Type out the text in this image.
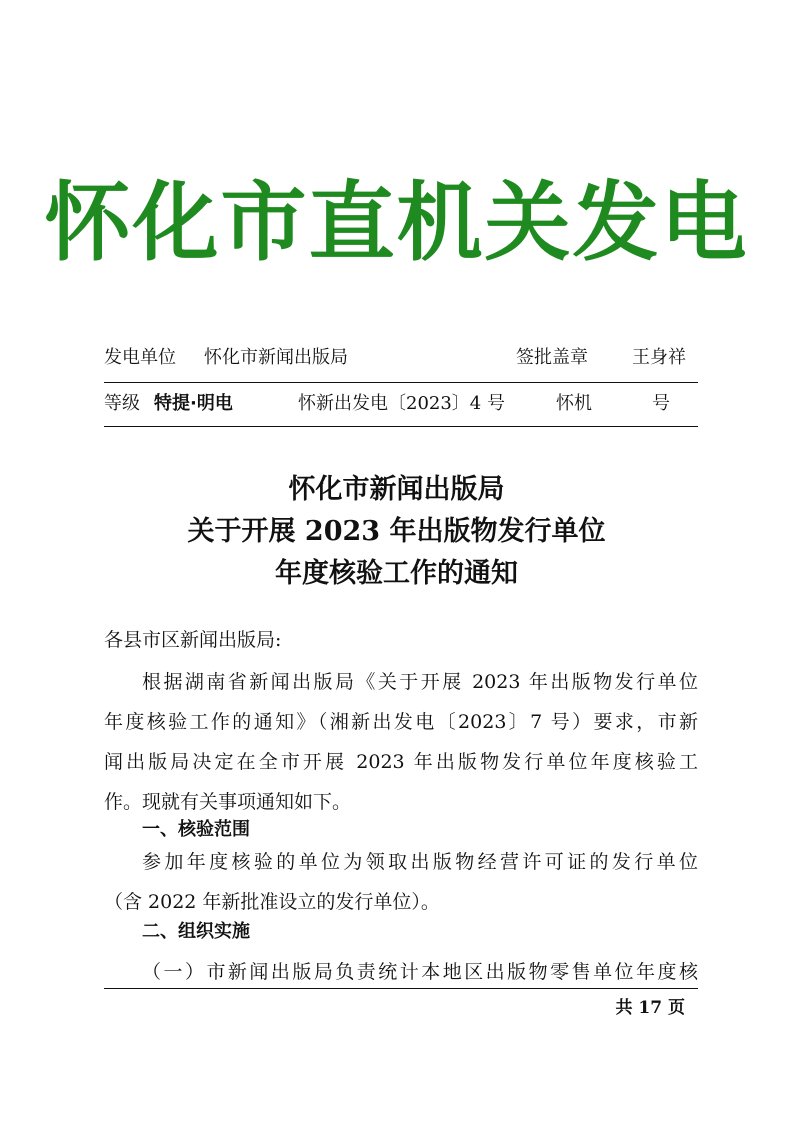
怀化市直机关发电
发电单位 怀化市新闻出版局	签批盖章 王身祥
等级 特提·明电	怀新出发电〔2023〕4 号	怀机	号
怀化市新闻出版局
关于开展 2023 年出版物发行单位
年度核验工作的通知
各县市区新闻出版局:
根据湖南省新闻出版局《关于开展 2023 年出版物发行单位
年度核验工作的通知》（湘新出发电〔2023〕7 号）要求，市新
闻出版局决定在全市开展 2023 年出版物发行单位年度核验工
作。现就有关事项通知如下。
一、核验范围
参加年度核验的单位为领取出版物经营许可证的发行单位
（含 2022 年新批准设立的发行单位）。
二、组织实施
（一）市新闻出版局负责统计本地区出版物零售单位年度核
共 17 页
